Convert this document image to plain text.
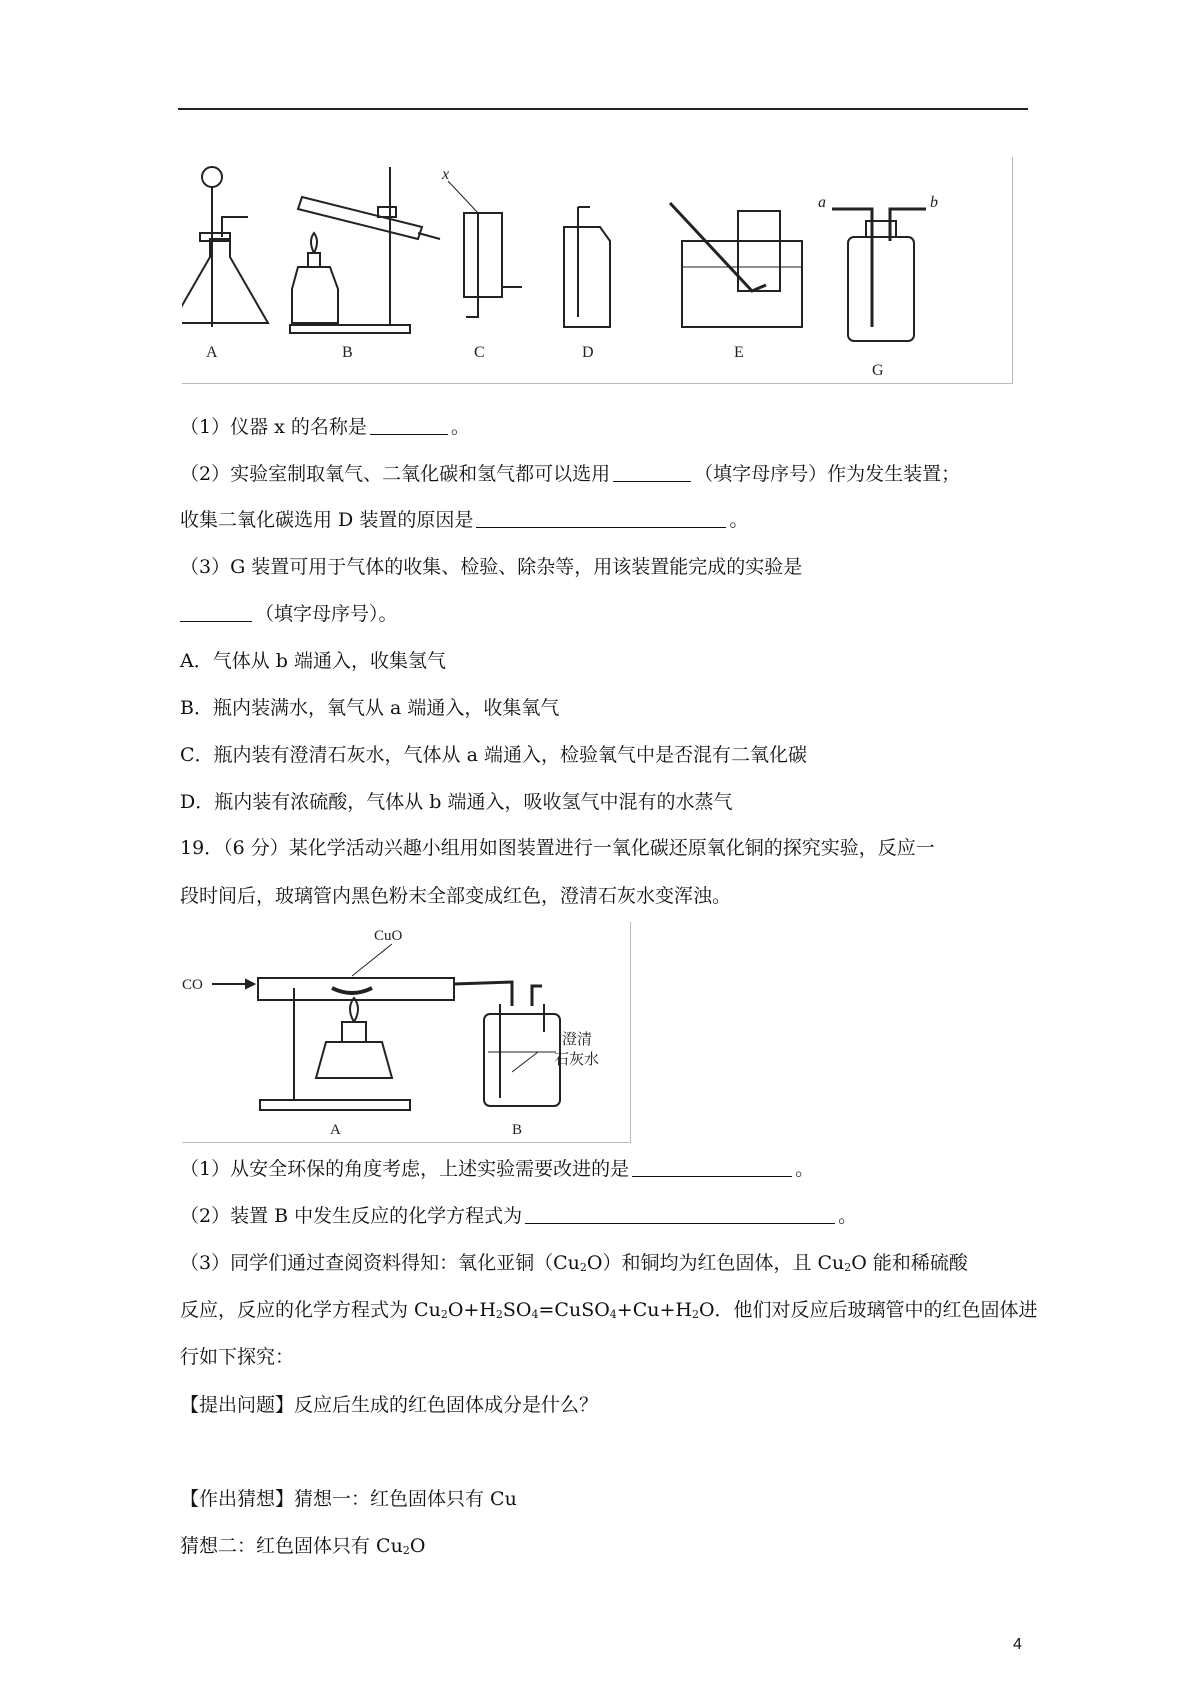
A	B	C	D	E
G
x
a	b
（1）仪器 x 的名称是	。
（2）实验室制取氧气、二氧化碳和氢气都可以选用	（填字母序号）作为发生装置；
收集二氧化碳选用 D 装置的原因是	。
（3）G 装置可用于气体的收集、检验、除杂等，用该装置能完成的实验是
（填字母序号）。
A．气体从 b 端通入，收集氢气
B．瓶内装满水，氧气从 a 端通入，收集氧气
C．瓶内装有澄清石灰水，气体从 a 端通入，检验氧气中是否混有二氧化碳
D．瓶内装有浓硫酸，气体从 b 端通入，吸收氢气中混有的水蒸气
19．（6 分）某化学活动兴趣小组用如图装置进行一氧化碳还原氧化铜的探究实验，反应一
段时间后，玻璃管内黑色粉末全部变成红色，澄清石灰水变浑浊。
CO
CuO
A	B
澄清
石灰水
（1）从安全环保的角度考虑，上述实验需要改进的是	。
（2）装置 B 中发生反应的化学方程式为	。
（3）同学们通过查阅资料得知：氧化亚铜$(Cu_2O)$和铜均为红色固体，且 $Cu_2O$ 能和稀硫酸
反应，反应的化学方程式为 $Cu_2O+H_2SO_4=CuSO_4+Cu+H_2O$．他们对反应后玻璃管中的红色固体进
行如下探究：
【提出问题】反应后生成的红色固体成分是什么？
【作出猜想】猜想一：红色固体只有 Cu
猜想二：红色固体只有 $Cu_2O$
4
